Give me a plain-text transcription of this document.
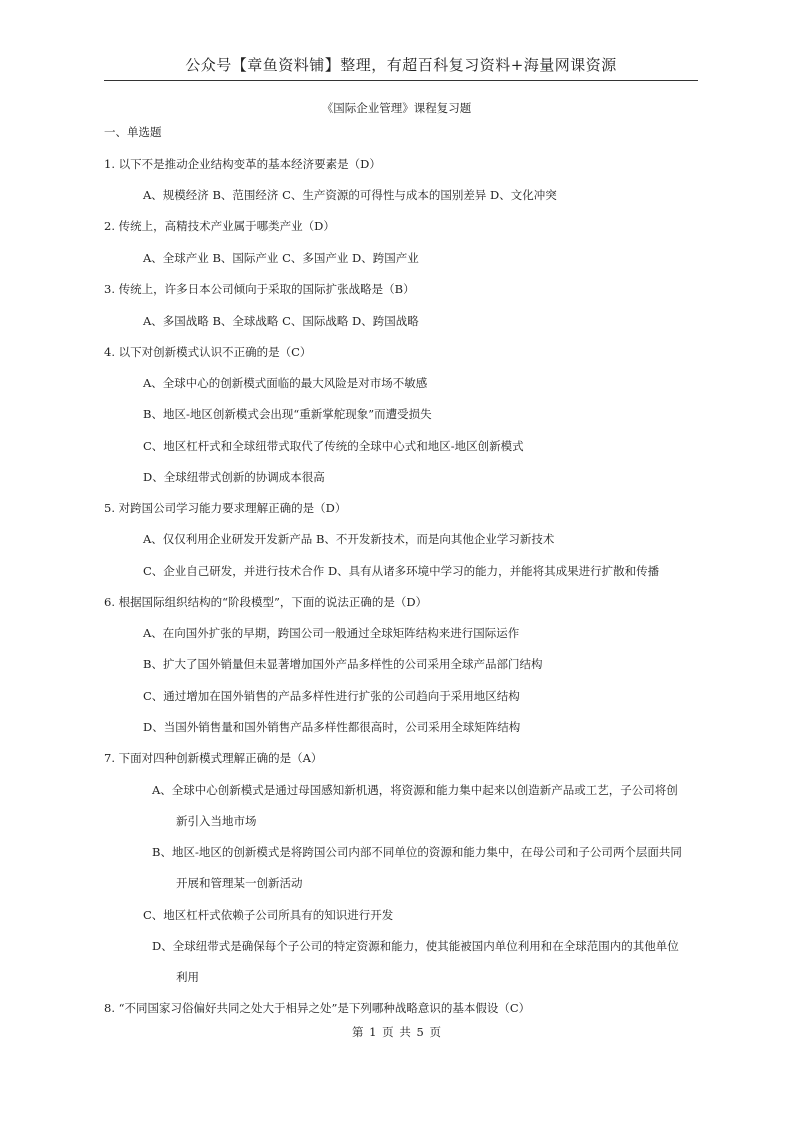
公众号【章鱼资料铺】整理，有超百科复习资料+海量网课资源
《国际企业管理》课程复习题
一、单选题
1. 以下不是推动企业结构变革的基本经济要素是（D）
A、规模经济 B、范围经济 C、生产资源的可得性与成本的国别差异 D、文化冲突
2. 传统上，高精技术产业属于哪类产业（D）
A、全球产业 B、国际产业 C、多国产业 D、跨国产业
3. 传统上，许多日本公司倾向于采取的国际扩张战略是（B）
A、多国战略 B、全球战略 C、国际战略 D、跨国战略
4. 以下对创新模式认识不正确的是（C）
A、全球中心的创新模式面临的最大风险是对市场不敏感
B、地区-地区创新模式会出现“重新掌舵现象”而遭受损失
C、地区杠杆式和全球纽带式取代了传统的全球中心式和地区-地区创新模式
D、全球纽带式创新的协调成本很高
5. 对跨国公司学习能力要求理解正确的是（D）
A、仅仅利用企业研发开发新产品 B、不开发新技术，而是向其他企业学习新技术
C、企业自己研发，并进行技术合作 D、具有从诸多环境中学习的能力，并能将其成果进行扩散和传播
6. 根据国际组织结构的“阶段模型”，下面的说法正确的是（D）
A、在向国外扩张的早期，跨国公司一般通过全球矩阵结构来进行国际运作
B、扩大了国外销量但未显著增加国外产品多样性的公司采用全球产品部门结构
C、通过增加在国外销售的产品多样性进行扩张的公司趋向于采用地区结构
D、当国外销售量和国外销售产品多样性都很高时，公司采用全球矩阵结构
7. 下面对四种创新模式理解正确的是（A）
A、全球中心创新模式是通过母国感知新机遇，将资源和能力集中起来以创造新产品或工艺，子公司将创
新引入当地市场
B、地区-地区的创新模式是将跨国公司内部不同单位的资源和能力集中，在母公司和子公司两个层面共同
开展和管理某一创新活动
C、地区杠杆式依赖子公司所具有的知识进行开发
D、全球纽带式是确保每个子公司的特定资源和能力，使其能被国内单位利用和在全球范围内的其他单位
利用
8. “不同国家习俗偏好共同之处大于相异之处”是下列哪种战略意识的基本假设（C）
第 1 页 共 5 页
